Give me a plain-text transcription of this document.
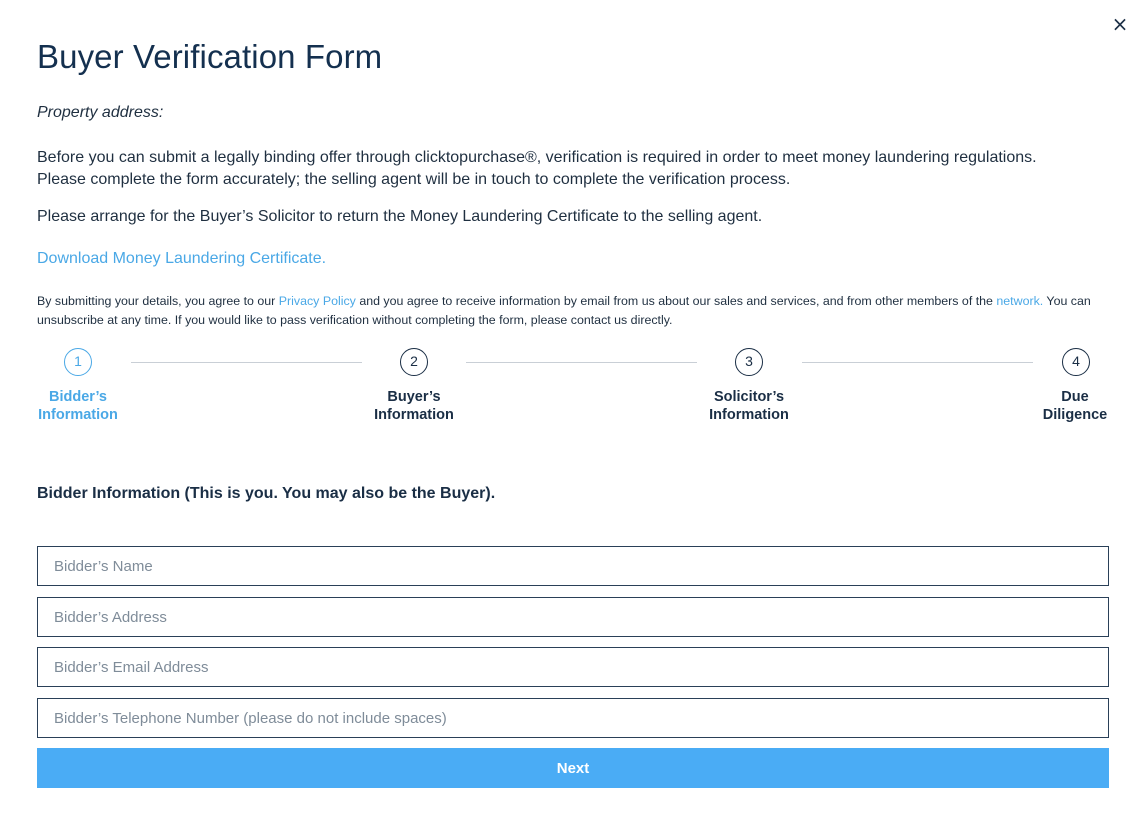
×
Buyer Verification Form
Property address:

Before you can submit a legally binding offer through clicktopurchase®, verification is required in order to meet money laundering regulations.
Please complete the form accurately; the selling agent will be in touch to complete the verification process.

Please arrange for the Buyer’s Solicitor to return the Money Laundering Certificate to the selling agent.

Download Money Laundering Certificate.

By submitting your details, you agree to our Privacy Policy and you agree to receive information by email from us about our sales and services, and from other members of the network. You can unsubscribe at any time. If you would like to pass verification without completing the form, please contact us directly.

1
Bidder’s
Information
2
Buyer’s
Information
3
Solicitor’s
Information
4
Due
Diligence
Bidder Information (This is you. You may also be the Buyer).
Bidder’s Name
Bidder’s Address
Bidder’s Email Address
Bidder’s Telephone Number (please do not include spaces)
Next
